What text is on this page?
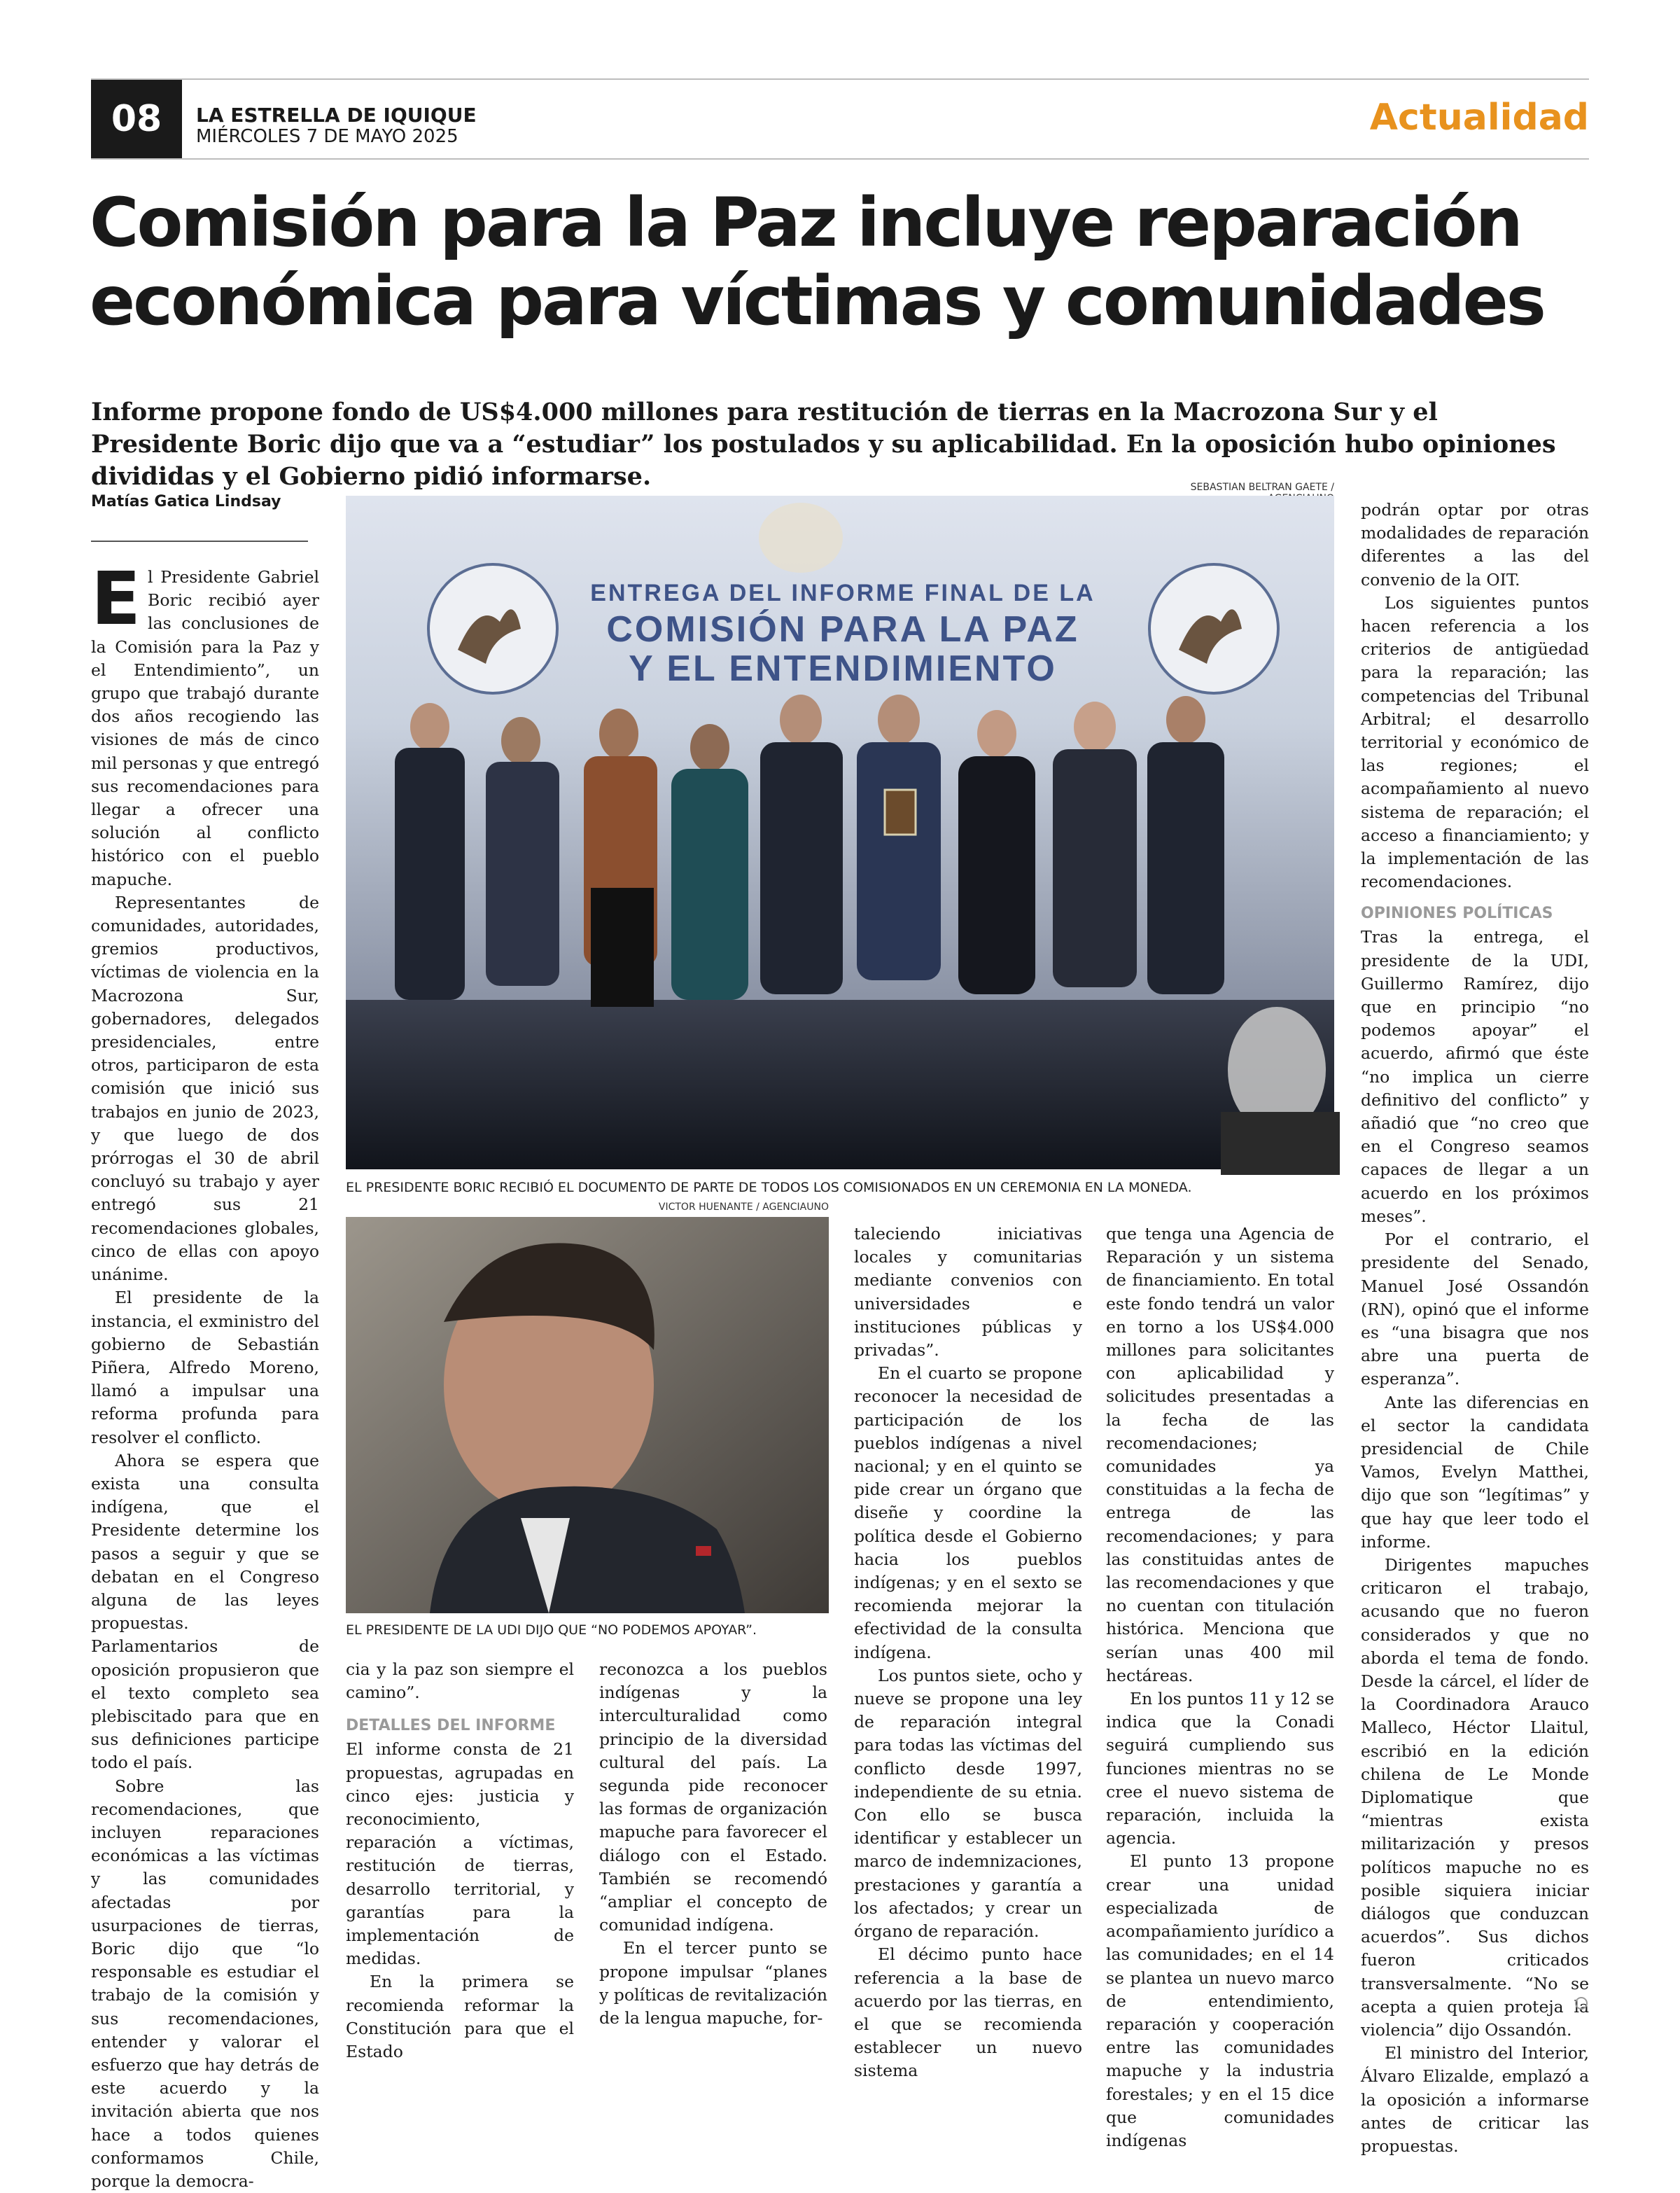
08	LA ESTRELLA DE IQUIQUE
MIÉRCOLES 7 DE MAYO 2025	Actualidad
Comisión para la Paz incluye reparación
económica para víctimas y comunidades
Informe propone fondo de US$4.000 millones para restitución de tierras en la Macrozona Sur y el Presidente Boric dijo que va a “estudiar” los postulados y su aplicabilidad. En la oposición hubo opiniones divididas y el Gobierno pidió informarse.
Matías Gatica Lindsay
SEBASTIAN BELTRAN GAETE /
ENTREGA DEL INFORME FINAL DE LA
COMISIÓN PARA LA PAZ
Y EL ENTENDIMIENTO
EL PRESIDENTE BORIC RECIBIÓ EL DOCUMENTO DE PARTE DE TODOS LOS COMISIONADOS EN UN CEREMONIA EN LA MONEDA.
VICTOR HUENANTE / AGENCIAUNO
EL PRESIDENTE DE LA UDI DIJO QUE “NO PODEMOS APOYAR”.

El Presidente Gabriel Boric recibió ayer las conclusiones de la Comisión para la Paz y el Entendimiento”, un grupo que trabajó durante dos años recogiendo las visiones de más de cinco mil personas y que entregó sus recomendaciones para llegar a ofrecer una solución al conflicto histórico con el pueblo mapuche.

Representantes de comunidades, autoridades, gremios productivos, víctimas de violencia en la Macrozona Sur, gobernadores, delegados presidenciales, entre otros, participaron de esta comisión que inició sus trabajos en junio de 2023, y que luego de dos prórrogas el 30 de abril concluyó su trabajo y ayer entregó sus 21 recomendaciones globales, cinco de ellas con apoyo unánime.

El presidente de la instancia, el exministro del gobierno de Sebastián Piñera, Alfredo Moreno, llamó a impulsar una reforma profunda para resolver el conflicto.

Ahora se espera que exista una consulta indígena, que el Presidente determine los pasos a seguir y que se debatan en el Congreso alguna de las leyes propuestas. Parlamentarios de oposición propusieron que el texto completo sea plebiscitado para que en sus definiciones participe todo el país.

Sobre las recomendaciones, que incluyen reparaciones económicas a las víctimas y las comunidades afectadas por usurpaciones de tierras, Boric dijo que “lo responsable es estudiar el trabajo de la comisión y sus recomendaciones, entender y valorar el esfuerzo que hay detrás de este acuerdo y la invitación abierta que nos hace a todos quienes conformamos Chile, porque la democra-

cia y la paz son siempre el camino”.

DETALLES DEL INFORME

El informe consta de 21 propuestas, agrupadas en cinco ejes: justicia y reconocimiento, reparación a víctimas, restitución de tierras, desarrollo territorial, y garantías para la implementación de medidas.

En la primera se recomienda reformar la Constitución para que el Estado

reconozca a los pueblos indígenas y la interculturalidad como principio de la diversidad cultural del país. La segunda pide reconocer las formas de organización mapuche para favorecer el diálogo con el Estado. También se recomendó “ampliar el concepto de comunidad indígena.

En el tercer punto se propone impulsar “planes y políticas de revitalización de la lengua mapuche, for-

taleciendo iniciativas locales y comunitarias mediante convenios con universidades e instituciones públicas y privadas”.

En el cuarto se propone reconocer la necesidad de participación de los pueblos indígenas a nivel nacional; y en el quinto se pide crear un órgano que diseñe y coordine la política desde el Gobierno hacia los pueblos indígenas; y en el sexto se recomienda mejorar la efectividad de la consulta indígena.

Los puntos siete, ocho y nueve se propone una ley de reparación integral para todas las víctimas del conflicto desde 1997, independiente de su etnia. Con ello se busca identificar y establecer un marco de indemnizaciones, prestaciones y garantía a los afectados; y crear un órgano de reparación.

El décimo punto hace referencia a la base de acuerdo por las tierras, en el que se recomienda establecer un nuevo sistema

que tenga una Agencia de Reparación y un sistema de financiamiento. En total este fondo tendrá un valor en torno a los US$4.000 millones para solicitantes con aplicabilidad y solicitudes presentadas a la fecha de las recomendaciones; comunidades ya constituidas a la fecha de entrega de las recomendaciones; y para las constituidas antes de las recomendaciones y que no cuentan con titulación histórica. Menciona que serían unas 400 mil hectáreas.

En los puntos 11 y 12 se indica que la Conadi seguirá cumpliendo sus funciones mientras no se cree el nuevo sistema de reparación, incluida la agencia.

El punto 13 propone crear una unidad especializada de acompañamiento jurídico a las comunidades; en el 14 se plantea un nuevo marco de entendimiento, reparación y cooperación entre las comunidades mapuche y la industria forestales; y en el 15 dice que comunidades indígenas

podrán optar por otras modalidades de reparación diferentes a las del convenio de la OIT.

Los siguientes puntos hacen referencia a los criterios de antigüedad para la reparación; las competencias del Tribunal Arbitral; el desarrollo territorial y económico de las regiones; el acompañamiento al nuevo sistema de reparación; el acceso a financiamiento; y la implementación de las recomendaciones.

OPINIONES POLÍTICAS

Tras la entrega, el presidente de la UDI, Guillermo Ramírez, dijo que en principio “no podemos apoyar” el acuerdo, afirmó que éste “no implica un cierre definitivo del conflicto” y añadió que “no creo que en el Congreso seamos capaces de llegar a un acuerdo en los próximos meses”.

Por el contrario, el presidente del Senado, Manuel José Ossandón (RN), opinó que el informe es “una bisagra que nos abre una puerta de esperanza”.

Ante las diferencias en el sector la candidata presidencial de Chile Vamos, Evelyn Matthei, dijo que son “legítimas” y que hay que leer todo el informe.

Dirigentes mapuches criticaron el trabajo, acusando que no fueron considerados y que no aborda el tema de fondo. Desde la cárcel, el líder de la Coordinadora Arauco Malleco, Héctor Llaitul, escribió en la edición chilena de Le Monde Diplomatique que “mientras exista militarización y presos políticos mapuche no es posible siquiera iniciar diálogos que conduzcan acuerdos”. Sus dichos fueron criticados transversalmente. “No se acepta a quien proteja la violencia” dijo Ossandón.

El ministro del Interior, Álvaro Elizalde, emplazó a la oposición a informarse antes de criticar las propuestas.
